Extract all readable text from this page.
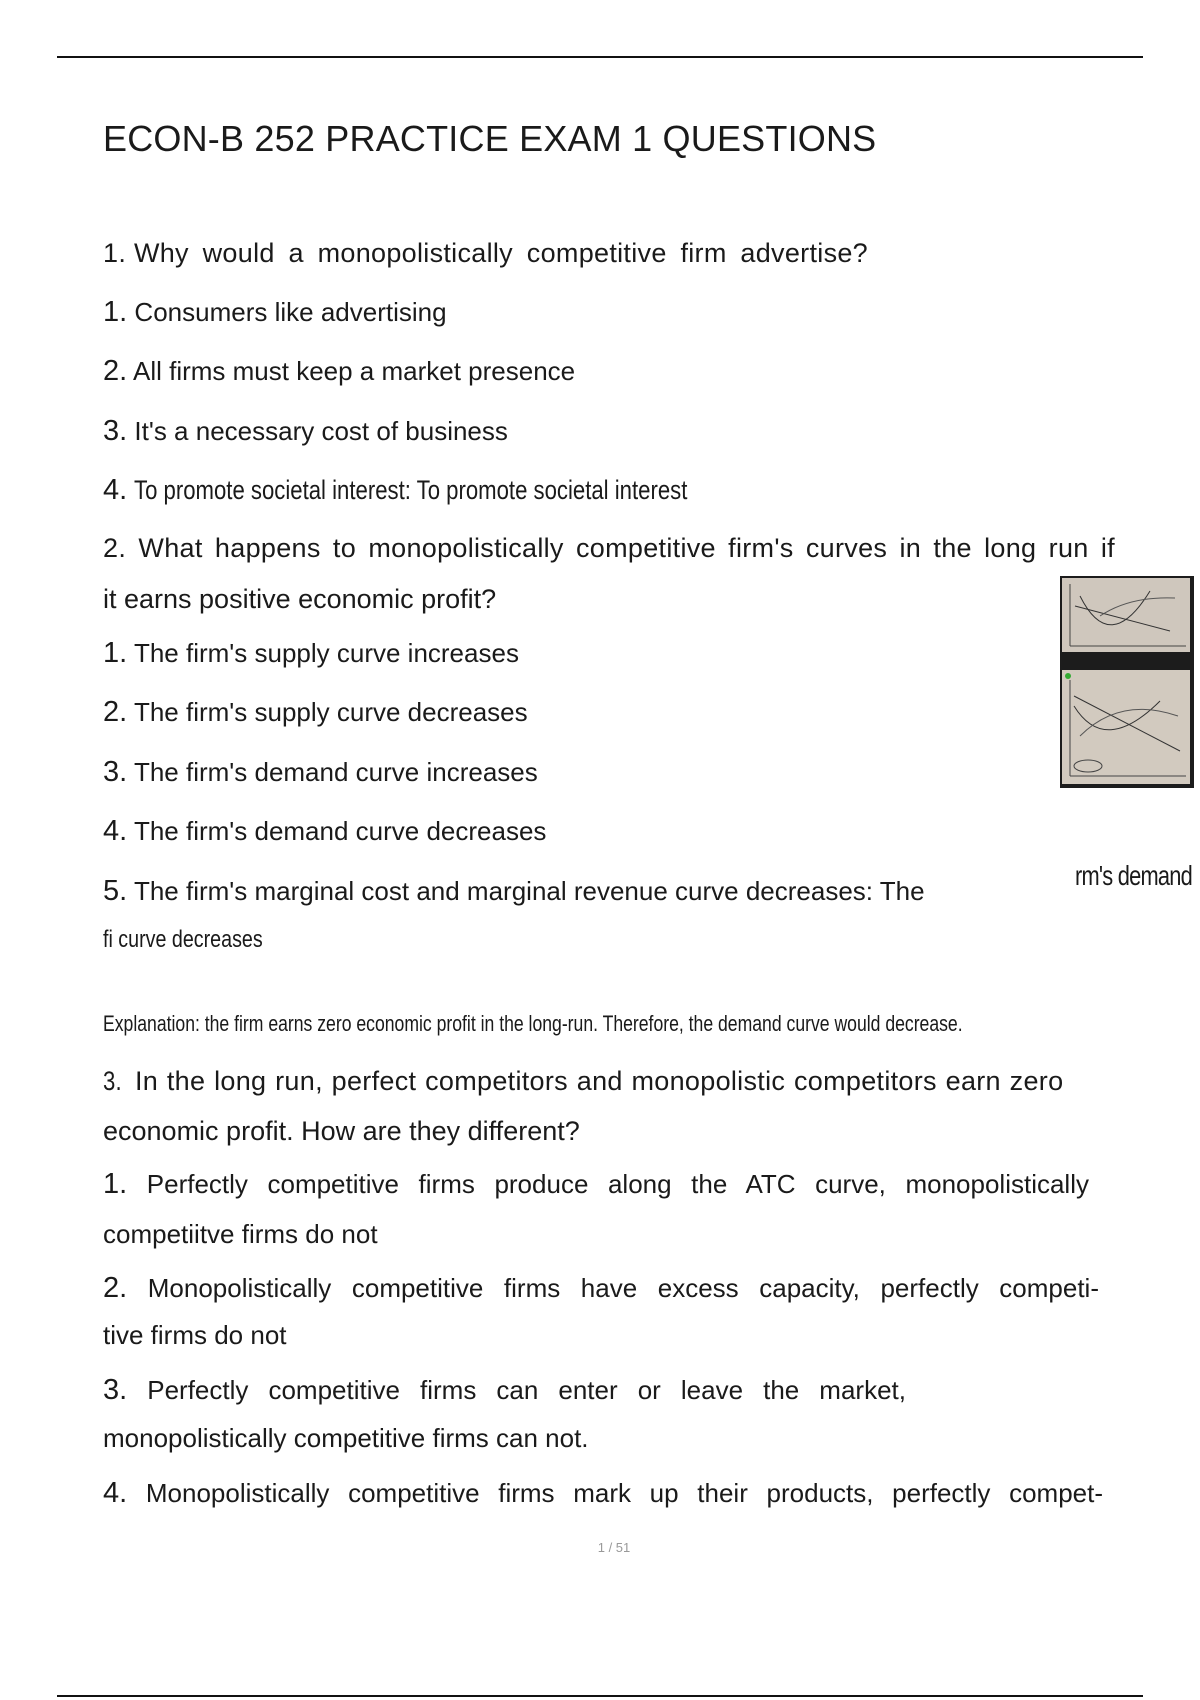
ECON-B 252 PRACTICE EXAM 1 QUESTIONS
1. Why would a monopolistically competitive firm advertise?
1. Consumers like advertising
2. All firms must keep a market presence
3. It's a necessary cost of business
4. To promote societal interest: To promote societal interest
2. What happens to monopolistically competitive firm's curves in the long run if
it earns positive economic profit?
1. The firm's supply curve increases
2. The firm's supply curve decreases
3. The firm's demand curve increases
4. The firm's demand curve decreases
5. The firm's marginal cost and marginal revenue curve decreases: The
fi curve decreases
rm's demand
Explanation: the firm earns zero economic profit in the long-run. Therefore, the demand curve would decrease.
3. In the long run, perfect competitors and monopolistic competitors earn zero
economic profit. How are they different?
1. Perfectly competitive firms produce along the ATC curve, monopolistically
competiitve firms do not
2. Monopolistically competitive firms have excess capacity, perfectly competi-
tive firms do not
3. Perfectly competitive firms can enter or leave the market,
monopolistically competitive firms can not.
4. Monopolistically competitive firms mark up their products, perfectly compet-
1 / 51
